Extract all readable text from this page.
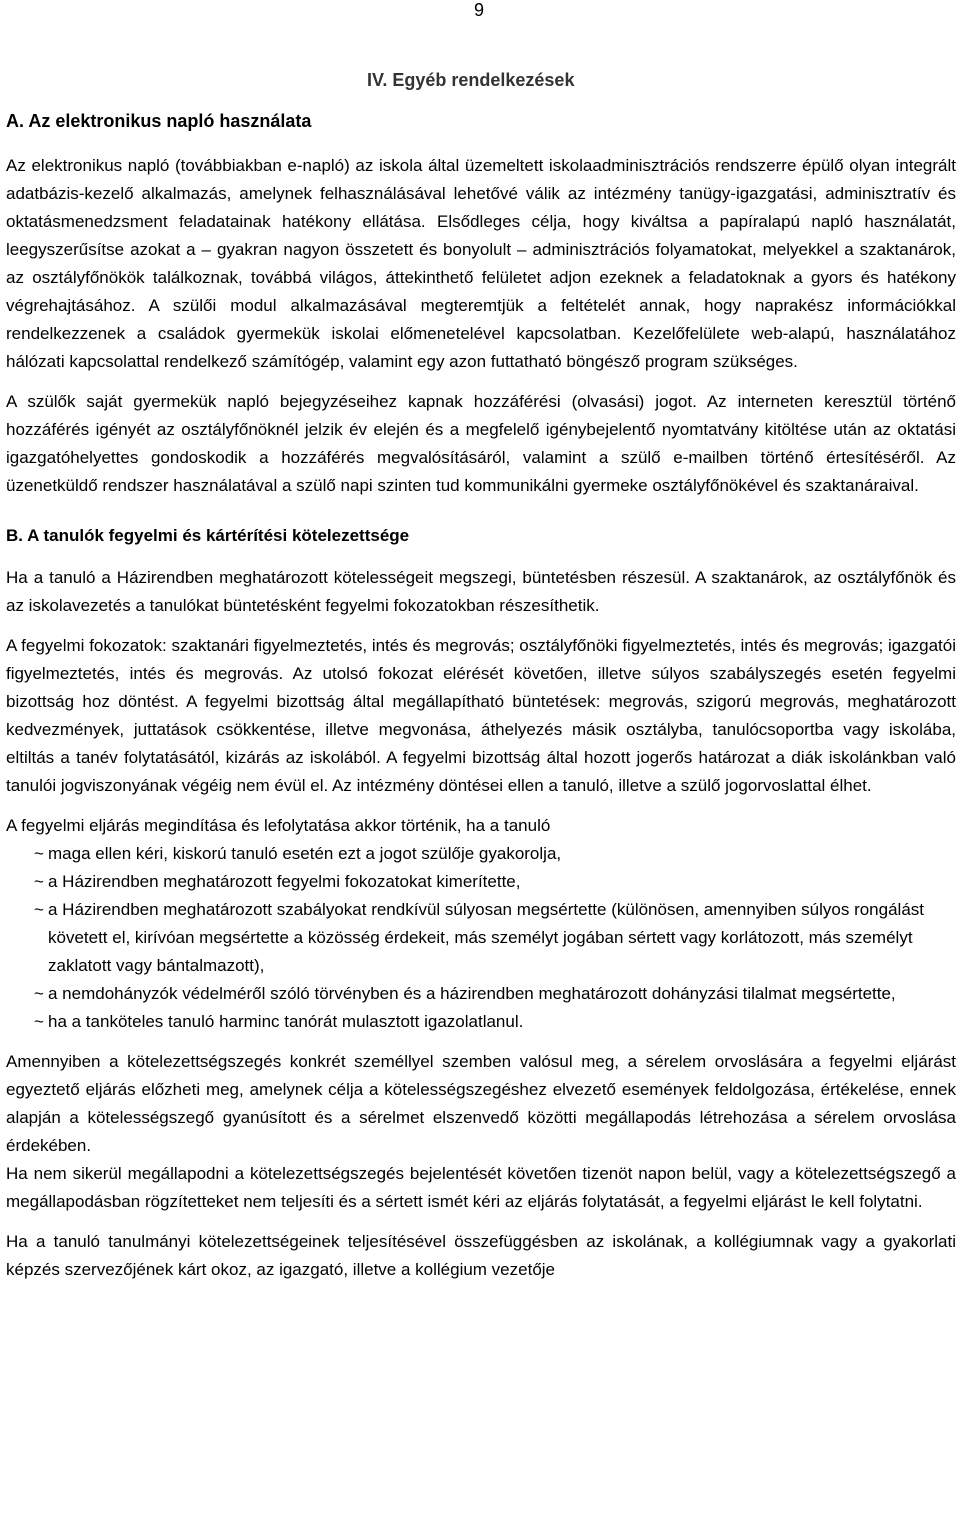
9
IV. Egyéb rendelkezések
A. Az elektronikus napló használata

Az elektronikus napló (továbbiakban e-napló) az iskola által üzemeltett iskolaadminisztrációs rendszerre épülő olyan integrált adatbázis-kezelő alkalmazás, amelynek felhasználásával lehetővé válik az intézmény tanügy-igazgatási, adminisztratív és oktatásmenedzsment feladatainak hatékony ellátása. Elsődleges célja, hogy kiváltsa a papíralapú napló használatát, leegyszerűsítse azokat a – gyakran nagyon összetett és bonyolult – adminisztrációs folyamatokat, melyekkel a szaktanárok, az osztályfőnökök találkoznak, továbbá világos, áttekinthető felületet adjon ezeknek a feladatoknak a gyors és hatékony végrehajtásához. A szülői modul alkalmazásával megteremtjük a feltételét annak, hogy naprakész információkkal rendelkezzenek a családok gyermekük iskolai előmenetelével kapcsolatban. Kezelőfelülete web-alapú, használatához hálózati kapcsolattal rendelkező számítógép, valamint egy azon futtatható böngésző program szükséges.

A szülők saját gyermekük napló bejegyzéseihez kapnak hozzáférési (olvasási) jogot. Az interneten keresztül történő hozzáférés igényét az osztályfőnöknél jelzik év elején és a megfelelő igénybejelentő nyomtatvány kitöltése után az oktatási igazgatóhelyettes gondoskodik a hozzáférés megvalósításáról, valamint a szülő e-mailben történő értesítéséről. Az üzenetküldő rendszer használatával a szülő napi szinten tud kommunikálni gyermeke osztályfőnökével és szaktanáraival.

B. A tanulók fegyelmi és kártérítési kötelezettsége

Ha a tanuló a Házirendben meghatározott kötelességeit megszegi, büntetésben részesül. A szaktanárok, az osztályfőnök és az iskolavezetés a tanulókat büntetésként fegyelmi fokozatokban részesíthetik.

A fegyelmi fokozatok: szaktanári figyelmeztetés, intés és megrovás; osztályfőnöki figyelmeztetés, intés és megrovás; igazgatói figyelmeztetés, intés és megrovás. Az utolsó fokozat elérését követően, illetve súlyos szabályszegés esetén fegyelmi bizottság hoz döntést. A fegyelmi bizottság által megállapítható büntetések: megrovás, szigorú megrovás, meghatározott kedvezmények, juttatások csökkentése, illetve megvonása, áthelyezés másik osztályba, tanulócsoportba vagy iskolába, eltiltás a tanév folytatásától, kizárás az iskolából. A fegyelmi bizottság által hozott jogerős határozat a diák iskolánkban való tanulói jogviszonyának végéig nem évül el. Az intézmény döntései ellen a tanuló, illetve a szülő jogorvoslattal élhet.

A fegyelmi eljárás megindítása és lefolytatása akkor történik, ha a tanuló

~ maga ellen kéri, kiskorú tanuló esetén ezt a jogot szülője gyakorolja,
~ a Házirendben meghatározott fegyelmi fokozatokat kimerítette,
~ a Házirendben meghatározott szabályokat rendkívül súlyosan megsértette (különösen, amennyiben súlyos rongálást követett el, kirívóan megsértette a közösség érdekeit, más személyt jogában sértett vagy korlátozott, más személyt zaklatott vagy bántalmazott),
~ a nemdohányzók védelméről szóló törvényben és a házirendben meghatározott dohányzási tilalmat megsértette,
~ ha a tanköteles tanuló harminc tanórát mulasztott igazolatlanul.

Amennyiben a kötelezettségszegés konkrét személlyel szemben valósul meg, a sérelem orvoslására a fegyelmi eljárást egyeztető eljárás előzheti meg, amelynek célja a kötelességszegéshez elvezető események feldolgozása, értékelése, ennek alapján a kötelességszegő gyanúsított és a sérelmet elszenvedő közötti megállapodás létrehozása a sérelem orvoslása érdekében.

Ha nem sikerül megállapodni a kötelezettségszegés bejelentését követően tizenöt napon belül, vagy a kötelezettségszegő a megállapodásban rögzítetteket nem teljesíti és a sértett ismét kéri az eljárás folytatását, a fegyelmi eljárást le kell folytatni.

Ha a tanuló tanulmányi kötelezettségeinek teljesítésével összefüggésben az iskolának, a kollégiumnak vagy a gyakorlati képzés szervezőjének kárt okoz, az igazgató, illetve a kollégium vezetője
